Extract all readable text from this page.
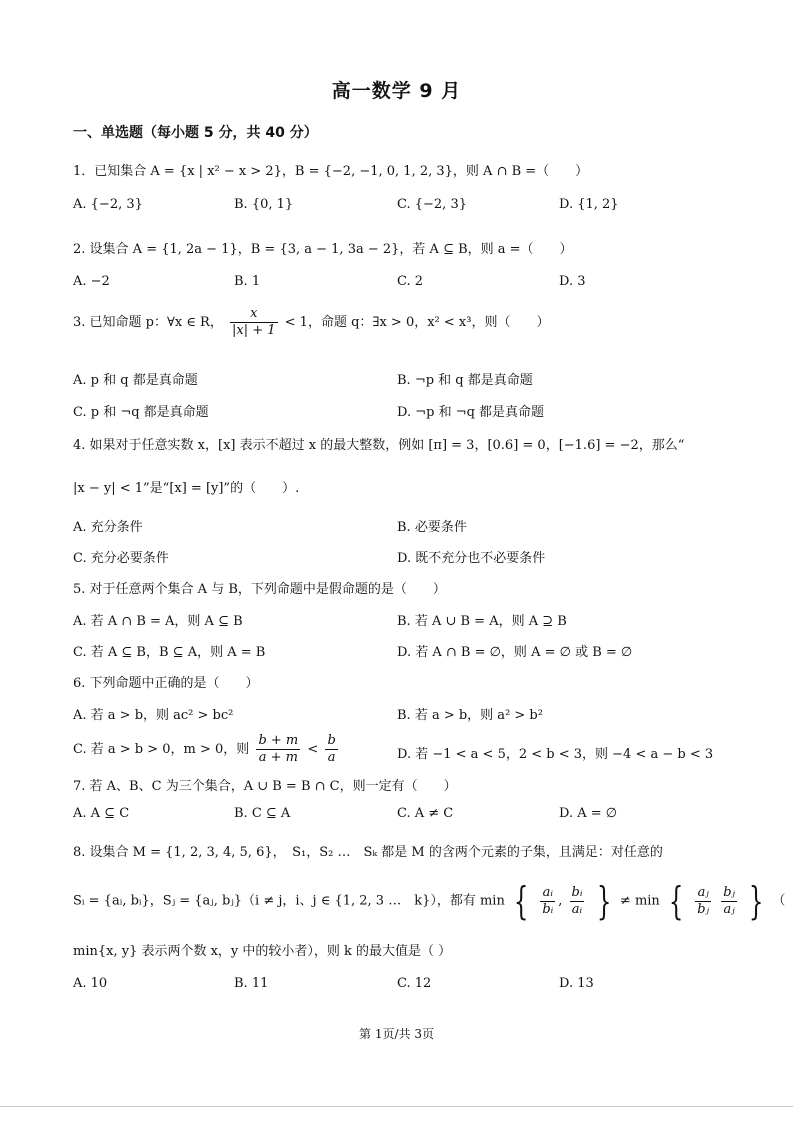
高一数学 9 月
一、单选题（每小题 5 分，共 40 分）
1．已知集合 A = {x | x² − x > 2}，B = {−2, −1, 0, 1, 2, 3}，则 A ∩ B =（　　）
A. {−2, 3}	B. {0, 1}	C. {−2, 3}	D. {1, 2}
2. 设集合 A = {1, 2a − 1}，B = {3, a − 1, 3a − 2}，若 A ⊆ B，则 a =（　　）
A. −2	B. 1	C. 2	D. 3
3. 已知命题 p：∀x ∈ R， $\frac{x}{|x| + 1} < 1$，命题 q：∃x > 0，x² < x³，则（　　）
A. p 和 q 都是真命题	B. ¬p 和 q 都是真命题
C. p 和 ¬q 都是真命题	D. ¬p 和 ¬q 都是真命题
4. 如果对于任意实数 x，[x] 表示不超过 x 的最大整数，例如 [π] = 3，[0.6] = 0，[−1.6] = −2，那么“
|x − y| < 1”是“[x] = [y]”的（　　）.
A. 充分条件	B. 必要条件
C. 充分必要条件	D. 既不充分也不必要条件
5. 对于任意两个集合 A 与 B，下列命题中是假命题的是（　　）
A. 若 A ∩ B = A，则 A ⊆ B	B. 若 A ∪ B = A，则 A ⊇ B
C. 若 A ⊆ B，B ⊆ A，则 A = B	D. 若 A ∩ B = ∅，则 A = ∅ 或 B = ∅
6. 下列命题中正确的是（　　）
A. 若 a > b，则 ac² > bc²	B. 若 a > b，则 a² > b²
C. 若 a > b > 0，m > 0，则 $\frac{b + m}{a + m} < \frac{b}{a}$	D. 若 −1 < a < 5，2 < b < 3，则 −4 < a − b < 3
7. 若 A、B、C 为三个集合，A ∪ B = B ∩ C，则一定有（　　）
A. A ⊆ C	B. C ⊆ A	C. A ≠ C	D. A = ∅
8. 设集合 M = {1, 2, 3, 4, 5, 6}，　S₁，S₂ …　Sₖ 都是 M 的含两个元素的子集，且满足：对任意的
Sᵢ = {aᵢ, bᵢ}，Sⱼ = {aⱼ, bⱼ}（i ≠ j，i、j ∈ {1, 2, 3 …　k}），都有 min { $\frac{\text{aᵢ}}{\text{bᵢ}}$ , $\frac{\text{bᵢ}}{\text{aᵢ}}$ } ≠ min { $\frac{\text{aⱼ}}{\text{bⱼ}}$
$\frac{\text{bⱼ}}{\text{aⱼ}}$ } （
min{x, y} 表示两个数 x，y 中的较小者），则 k 的最大值是（ ）
A. 10	B. 11	C. 12	D. 13
第 1页/共 3页
